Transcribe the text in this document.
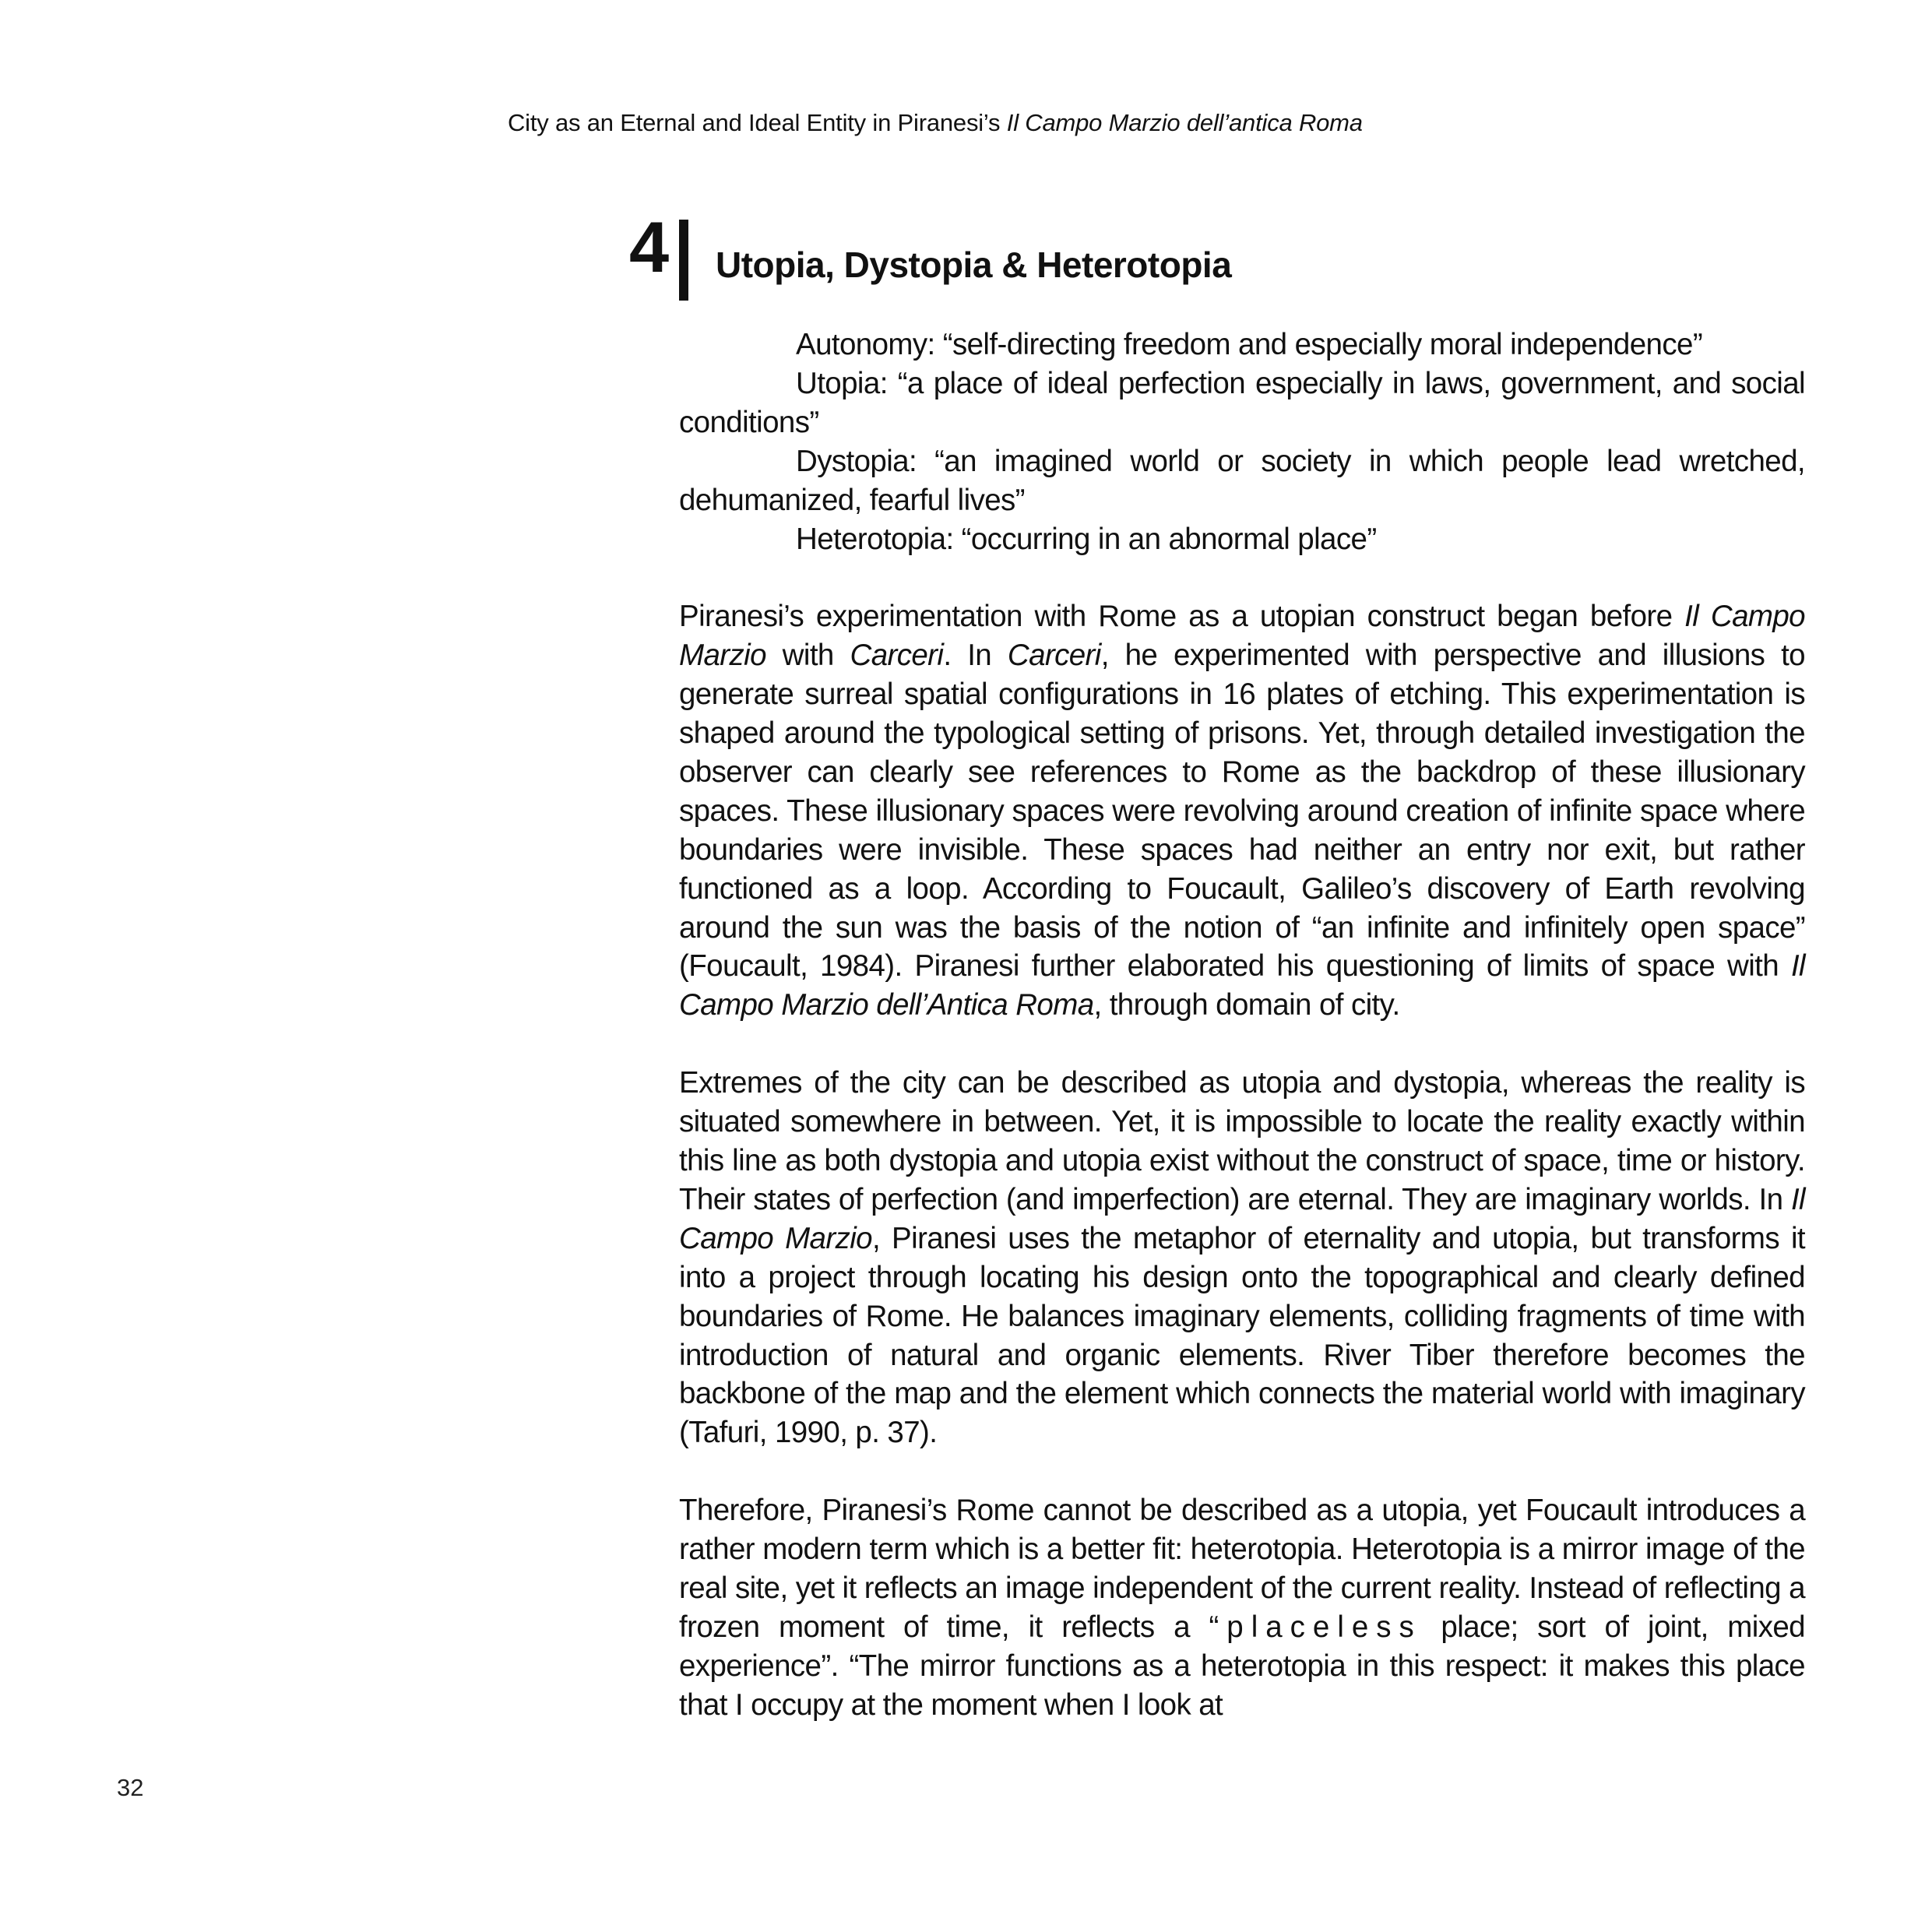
City as an Eternal and Ideal Entity in Piranesi’s Il Campo Marzio dell’antica Roma
4 Utopia, Dystopia & Heterotopia
Autonomy: “self-directing freedom and especially moral independence”
Utopia: “a place of ideal perfection especially in laws, government, and social conditions”
Dystopia: “an imagined world or society in which people lead wretched, dehumanized, fearful lives”
Heterotopia: “occurring in an abnormal place”

Piranesi’s experimentation with Rome as a utopian construct began before Il Campo Marzio with Carceri. In Carceri, he experimented with perspective and illusions to generate surreal spatial configurations in 16 plates of etching. This experimentation is shaped around the typological setting of prisons. Yet, through detailed investigation the observer can clearly see references to Rome as the backdrop of these illusionary spaces. These illusionary spaces were revolving around creation of infinite space where boundaries were invisible. These spaces had neither an entry nor exit, but rather functioned as a loop. According to Foucault, Galileo’s discovery of Earth revolving around the sun was the basis of the notion of “an infinite and infinitely open space” (Foucault, 1984). Piranesi further elaborated his questioning of limits of space with Il Campo Marzio dell’Antica Roma, through domain of city.

Extremes of the city can be described as utopia and dystopia, whereas the reality is situated somewhere in between. Yet, it is impossible to locate the reality exactly within this line as both dystopia and utopia exist without the construct of space, time or history. Their states of perfection (and imperfection) are eternal. They are imaginary worlds. In Il Campo Marzio, Piranesi uses the metaphor of eternality and utopia, but transforms it into a project through locating his design onto the topographical and clearly defined boundaries of Rome. He balances imaginary elements, colliding fragments of time with introduction of natural and organic elements. River Tiber therefore becomes the backbone of the map and the element which connects the material world with imaginary (Tafuri, 1990, p. 37).

Therefore, Piranesi’s Rome cannot be described as a utopia, yet Foucault introduces a rather modern term which is a better fit: heterotopia. Heterotopia is a mirror image of the real site, yet it reflects an image independent of the current reality. Instead of reflecting a frozen moment of time, it reflects a “placeless place; sort of joint, mixed experience”. “The mirror functions as a heterotopia in this respect: it makes this place that I occupy at the moment when I look at

32
